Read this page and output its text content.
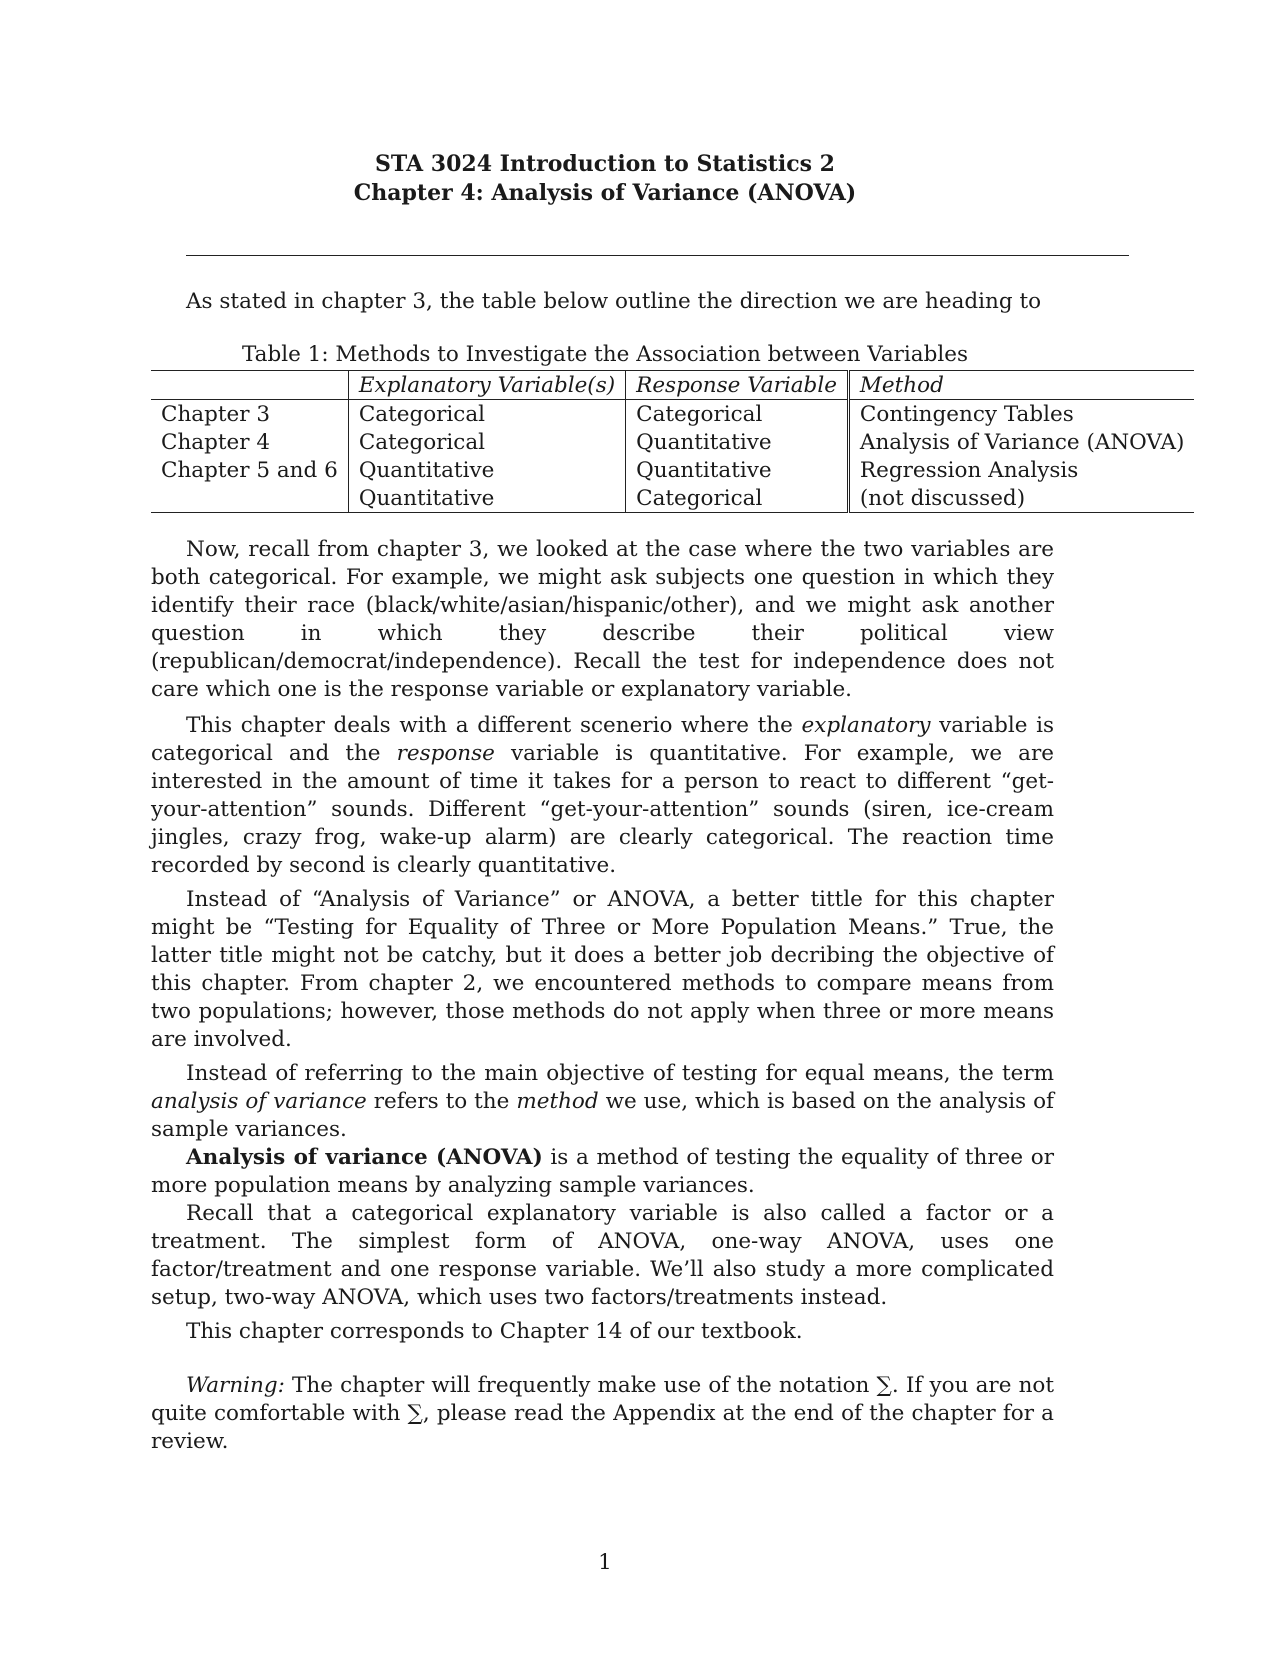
STA 3024 Introduction to Statistics 2
Chapter 4: Analysis of Variance (ANOVA)
As stated in chapter 3, the table below outline the direction we are heading to
Table 1: Methods to Investigate the Association between Variables
	Explanatory Variable(s)	Response Variable	Method
Chapter 3	Categorical	Categorical	Contingency Tables
Chapter 4	Categorical	Quantitative	Analysis of Variance (ANOVA)
Chapter 5 and 6	Quantitative	Quantitative	Regression Analysis
	Quantitative	Categorical	(not discussed)
Now, recall from chapter 3, we looked at the case where the two variables are both categorical. For example, we might ask subjects one question in which they identify their race (black/white/asian/hispanic/other), and we might ask another question in which they describe their political view (republican/democrat/independence). Recall the test for independence does not care which one is the response variable or explanatory variable.
This chapter deals with a different scenerio where the explanatory variable is categorical and the response variable is quantitative. For example, we are interested in the amount of time it takes for a person to react to different “get-your-attention” sounds. Different “get-your-attention” sounds (siren, ice-cream jingles, crazy frog, wake-up alarm) are clearly categorical. The reaction time recorded by second is clearly quantitative.
Instead of “Analysis of Variance” or ANOVA, a better tittle for this chapter might be “Testing for Equality of Three or More Population Means.” True, the latter title might not be catchy, but it does a better job decribing the objective of this chapter. From chapter 2, we encountered methods to compare means from two populations; however, those methods do not apply when three or more means are involved.
Instead of referring to the main objective of testing for equal means, the term analysis of variance refers to the method we use, which is based on the analysis of sample variances.
Analysis of variance (ANOVA) is a method of testing the equality of three or more population means by analyzing sample variances.
Recall that a categorical explanatory variable is also called a factor or a treatment. The simplest form of ANOVA, one-way ANOVA, uses one factor/treatment and one response variable. We’ll also study a more complicated setup, two-way ANOVA, which uses two factors/treatments instead.
This chapter corresponds to Chapter 14 of our textbook.
Warning: The chapter will frequently make use of the notation ∑. If you are not quite comfortable with ∑, please read the Appendix at the end of the chapter for a review.
1
